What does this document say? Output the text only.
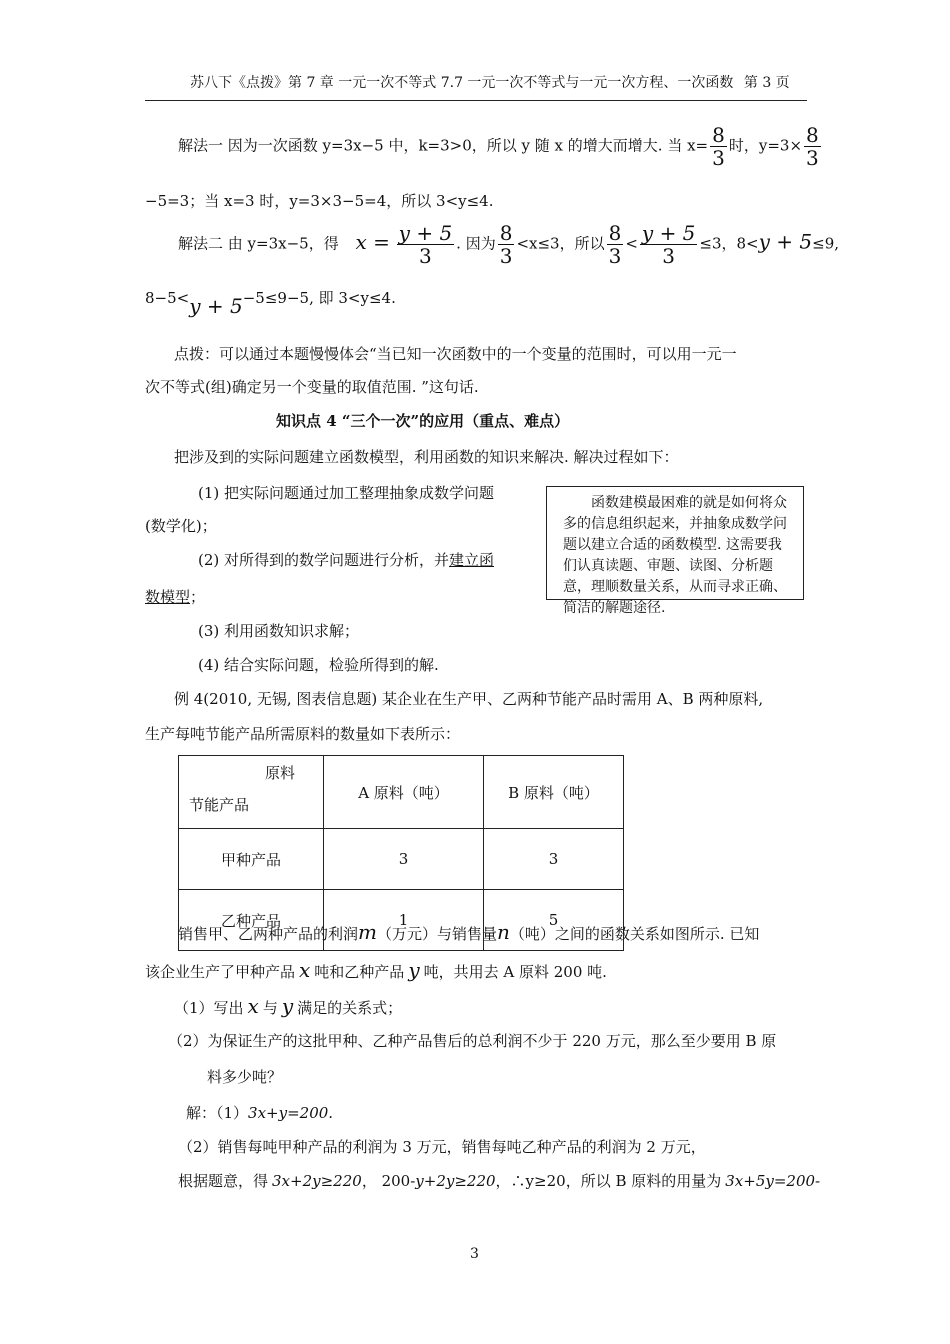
苏八下《点拨》第 7 章 一元一次不等式 7.7 一元一次不等式与一元一次方程、一次函数 第 3 页
解法一 因为一次函数 y=3x−5 中，k=3>0，所以 y 随 x 的增大而增大. 当 $x= \frac{8}{3}$ 时，$y=3\times \frac{8}{3}$
−5=3；当 x=3 时，y=3×3−5=4，所以 3<y≤4.
解法二 由 y=3x−5，得 $x = \frac{y + 5}{3}$ . 因为 $\frac{8}{3} <x\le 3$，所以 $\frac{8}{3} < \frac{y + 5}{3} \le 3$，8<y + 5≤9,
8−5<y + 5−5≤9−5, 即 3<y≤4.
点拨：可以通过本题慢慢体会“当已知一次函数中的一个变量的范围时，可以用一元一
次不等式(组)确定另一个变量的取值范围. ”这句话.
知识点 4 “三个一次”的应用（重点、难点）
把涉及到的实际问题建立函数模型，利用函数的知识来解决. 解决过程如下：
(1) 把实际问题通过加工整理抽象成数学问题
(数学化)；
(2) 对所得到的数学问题进行分析，并建立函
数模型；
(3) 利用函数知识求解；
(4) 结合实际问题，检验所得到的解.
函数建模最困难的就是如何将众多的信息组织起来，并抽象成数学问题以建立合适的函数模型. 这需要我们认真读题、审题、读图、分析题意，理顺数量关系，从而寻求正确、简洁的解题途径.
例 4(2010, 无锡, 图表信息题) 某企业在生产甲、乙两种节能产品时需用 A、B 两种原料,
生产每吨节能产品所需原料的数量如下表所示：
原料
节能产品	A 原料（吨）	B 原料（吨）
甲种产品	3	3
乙种产品	1	5
销售甲、乙两种产品的利润m（万元）与销售量n（吨）之间的函数关系如图所示. 已知
该企业生产了甲种产品 x 吨和乙种产品 y 吨，共用去 A 原料 200 吨.
（1）写出 x 与 y 满足的关系式；
（2）为保证生产的这批甲种、乙种产品售后的总利润不少于 220 万元，那么至少要用 B 原
料多少吨？
解：（1）3x+y=200.
（2）销售每吨甲种产品的利润为 3 万元，销售每吨乙种产品的利润为 2 万元，
根据题意，得 3x+2y≥220， 200-y+2y≥220，∴y≥20，所以 B 原料的用量为 3x+5y=200-
3
